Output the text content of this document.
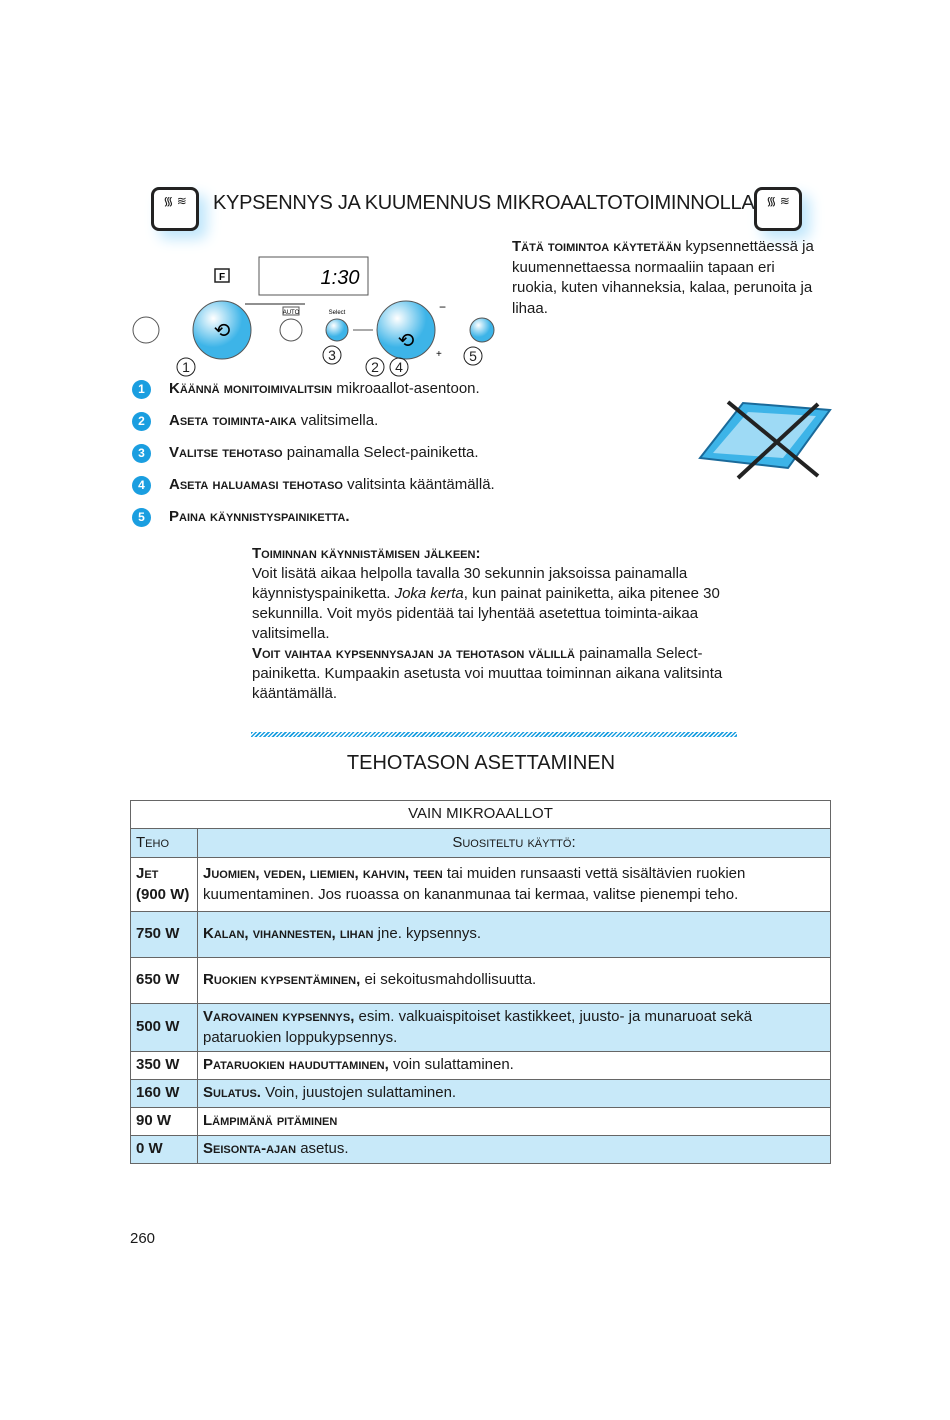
᯾ ≋	KYPSENNYS JA KUUMENNUS MIKROAALTOTOIMINNOLLA ᯾ ≋
Tätä toimintoa käytetään kypsennettäessä ja kuumennettaessa normaaliin tapaan eri ruokia, kuten vihanneksia, kalaa, perunoita ja lihaa.
1:30
F
⟲
AUTO	Select
⟲
−
+
1
3
2 4
5
1 Käännä monitoimivalitsin mikroaallot-asentoon.
2 Aseta toiminta-aika valitsimella.
3 Valitse tehotaso painamalla Select-painiketta.
4 Aseta haluamasi tehotaso valitsinta kääntämällä.
5 Paina käynnistyspainiketta.
Toiminnan käynnistämisen jälkeen:
Voit lisätä aikaa helpolla tavalla 30 sekunnin jaksoissa painamalla käynnistyspainiketta. Joka kerta, kun painat painiketta, aika pitenee 30 sekunnilla. Voit myös pidentää tai lyhentää asetettua toiminta-aikaa valitsimella.
Voit vaihtaa kypsennysajan ja tehotason välillä painamalla Select-painiketta. Kumpaakin asetusta voi muuttaa toiminnan aikana valitsinta kääntämällä.
TEHOTASON ASETTAMINEN
VAIN MIKROAALLOT	
Teho	Suositeltu käyttö:
Jet
(900 W)	Juomien, veden, liemien, kahvin, teen tai muiden runsaasti vettä sisältävien ruokien kuumentaminen. Jos ruoassa on kananmunaa tai kermaa, valitse pienempi teho.
750 W	Kalan, vihannesten, lihan jne. kypsennys.
650 W	Ruokien kypsentäminen, ei sekoitusmahdollisuutta.
500 W	Varovainen kypsennys, esim. valkuaispitoiset kastikkeet, juusto- ja munaruoat sekä pataruokien loppukypsennys.
350 W	Pataruokien hauduttaminen, voin sulattaminen.
160 W	Sulatus. Voin, juustojen sulattaminen.
90 W	Lämpimänä pitäminen
0 W	Seisonta-ajan asetus.
260
